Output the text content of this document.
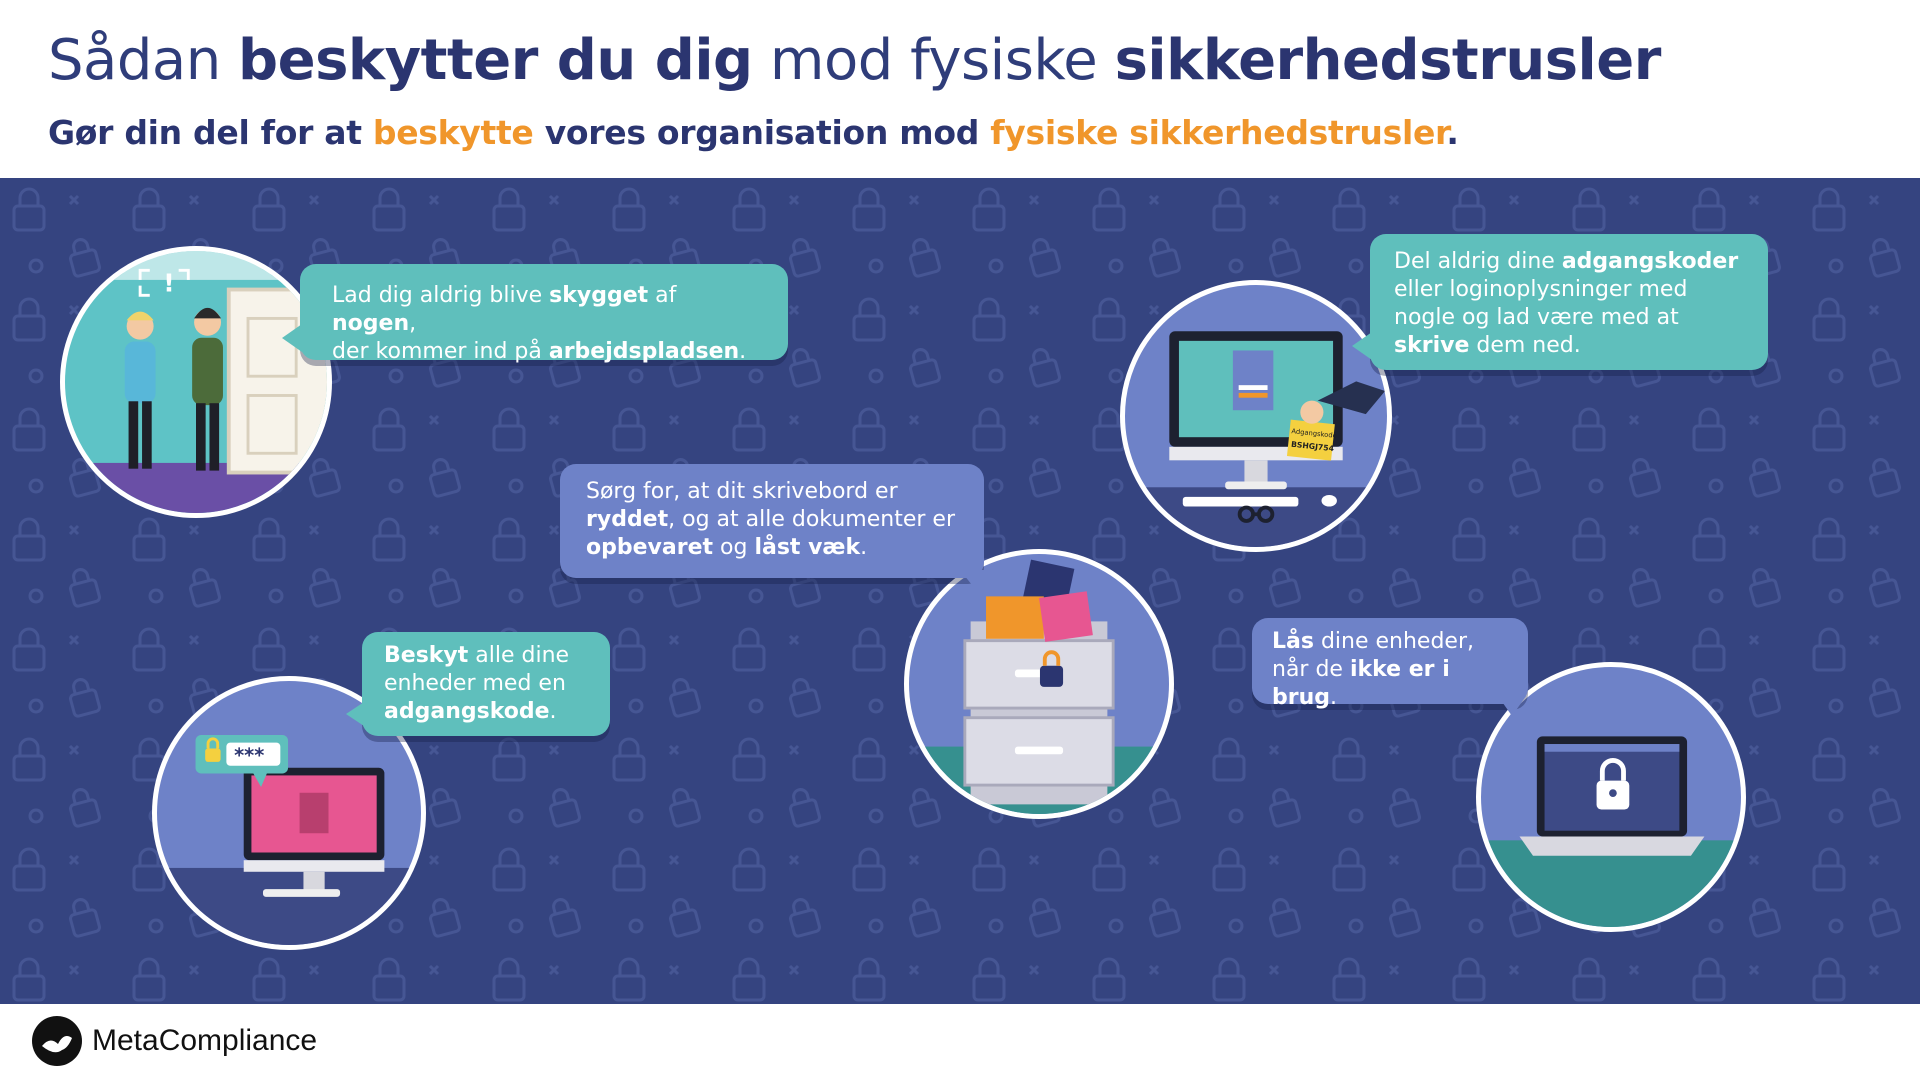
Sådan beskytter du dig mod fysiske sikkerhedstrusler
Gør din del for at beskytte vores organisation mod fysiske sikkerhedstrusler.
!	Lad dig aldrig blive skygget af nogen,
der kommer ind på arbejdspladsen.
Adgangskode
BSHGJ754
Del aldrig dine adgangskoder
eller loginoplysninger med
nogle og lad være med at
skrive dem ned.
Sørg for, at dit skrivebord er
ryddet, og at alle dokumenter er
opbevaret og låst væk.
***
Beskyt alle dine
enheder med en
adgangskode.
Lås dine enheder,
når de ikke er i brug.
MetaCompliance
